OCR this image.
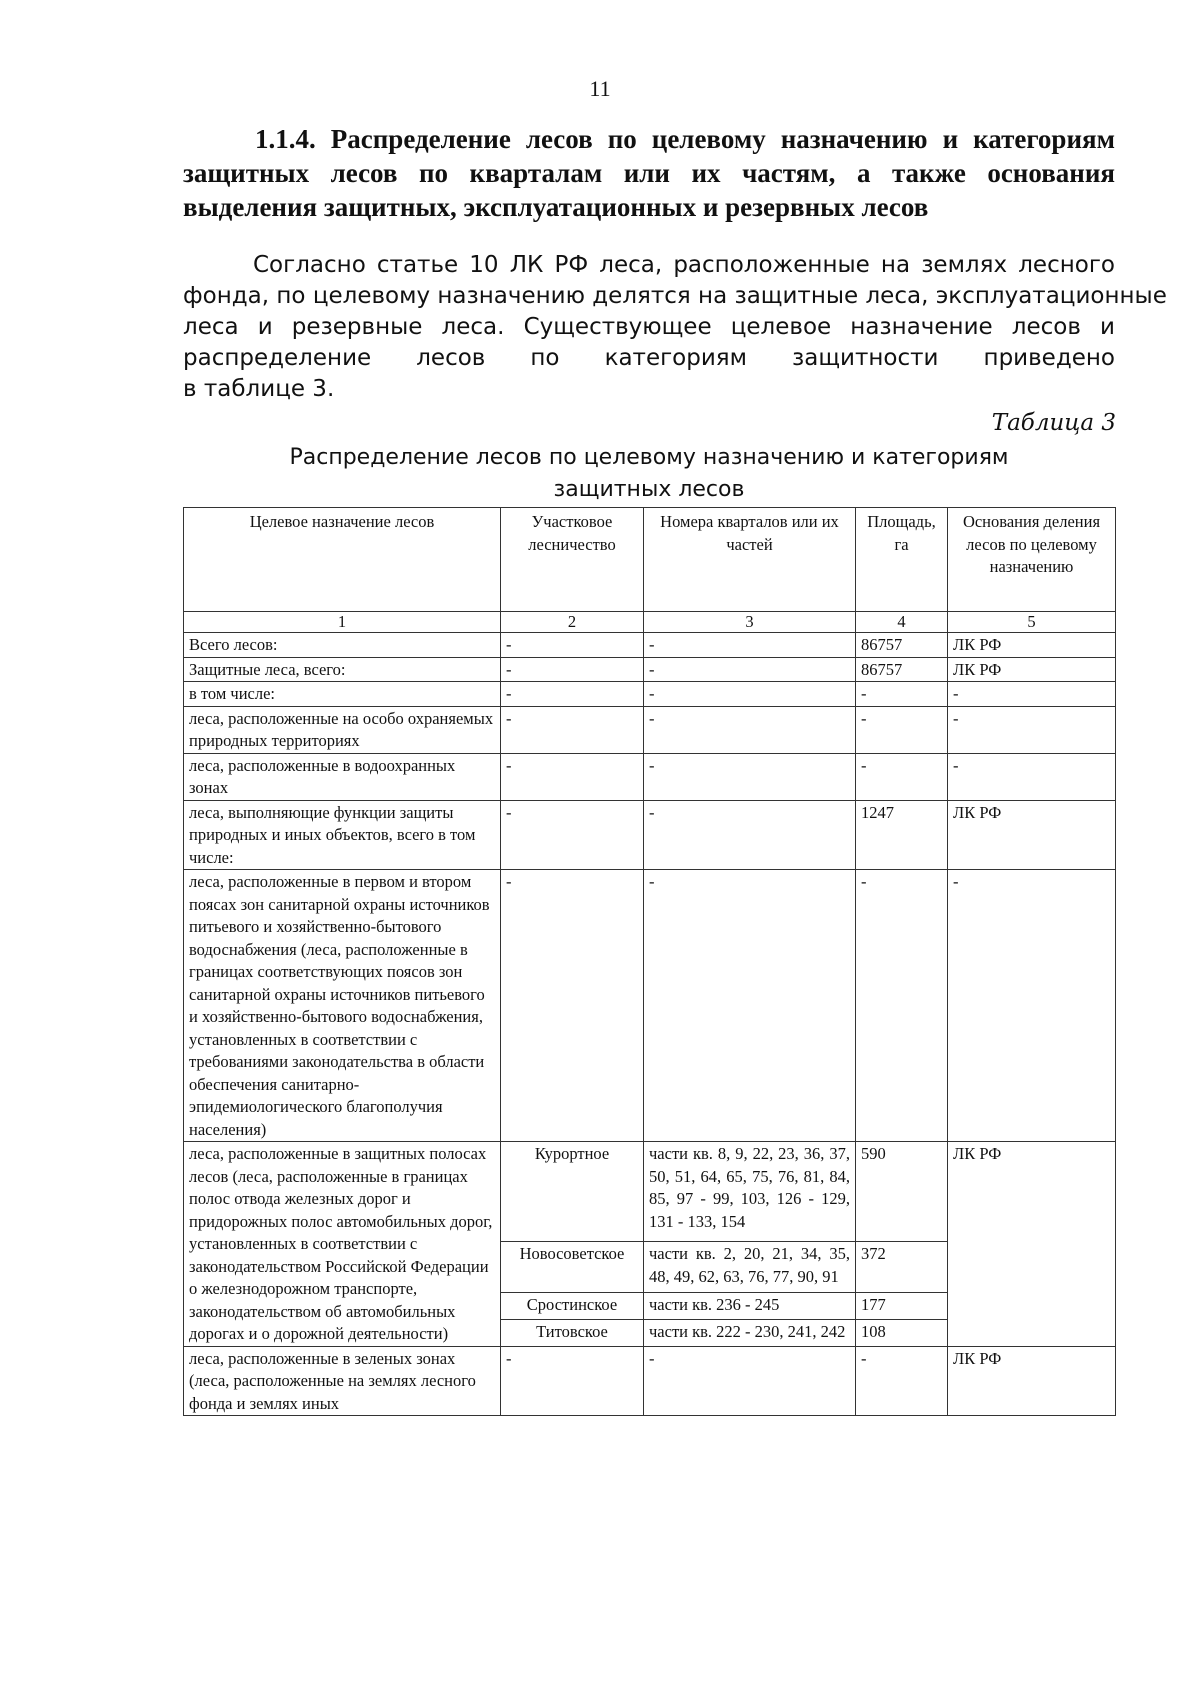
11
1.1.4. Распределение лесов по целевому назначению и категориям защитных лесов по кварталам или их частям, а также основания выделения защитных, эксплуатационных и резервных лесов
Согласно статье 10 ЛК РФ леса, расположенные на землях лесного
фонда, по целевому назначению делятся на защитные леса, эксплуатационные
леса и резервные леса. Существующее целевое назначение лесов и
распределение лесов по категориям защитности приведено
в таблице 3.
Таблица 3
Распределение лесов по целевому назначению и категориям
защитных лесов
Целевое назначение лесов	Участковое лесничество	Номера кварталов или их частей	Площадь, га	Основания деления лесов по целевому назначению
1	2	3	4	5
Всего лесов:	-	-	86757	ЛК РФ
Защитные леса, всего:	-	-	86757	ЛК РФ
в том числе:	-	-	-	-
леса, расположенные на особо охраняемых природных территориях	-	-	-	-
леса, расположенные в водоохранных зонах	-	-	-	-
леса, выполняющие функции защиты природных и иных объектов, всего в том числе:	-	-	1247	ЛК РФ
леса, расположенные в первом и втором поясах зон санитарной охраны источников питьевого и хозяйственно-бытового водоснабжения (леса, расположенные в границах соответствующих поясов зон санитарной охраны источников питьевого и хозяйственно-бытового водоснабжения, установленных в соответствии с требованиями законодательства в области обеспечения санитарно-эпидемиологического благополучия населения)	-	-	-	-
леса, расположенные в защитных полосах лесов (леса, расположенные в границах полос отвода железных дорог и придорожных полос автомобильных дорог, установленных в соответствии с законодательством Российской Федерации о железнодорожном транспорте, законодательством об автомобильных дорогах и о дорожной деятельности)	Курортное	части кв. 8, 9, 22, 23, 36, 37, 50, 51, 64, 65, 75, 76, 81, 84, 85, 97 - 99, 103, 126 - 129, 131 - 133, 154	590	ЛК РФ
	Новосоветское	части кв. 2, 20, 21, 34, 35, 48, 49, 62, 63, 76, 77, 90, 91	372	
	Сростинское	части кв. 236 - 245	177	
	Титовское	части кв. 222 - 230, 241, 242	108	
леса, расположенные в зеленых зонах (леса, расположенные на землях лесного фонда и землях иных	-	-	-	ЛК РФ
